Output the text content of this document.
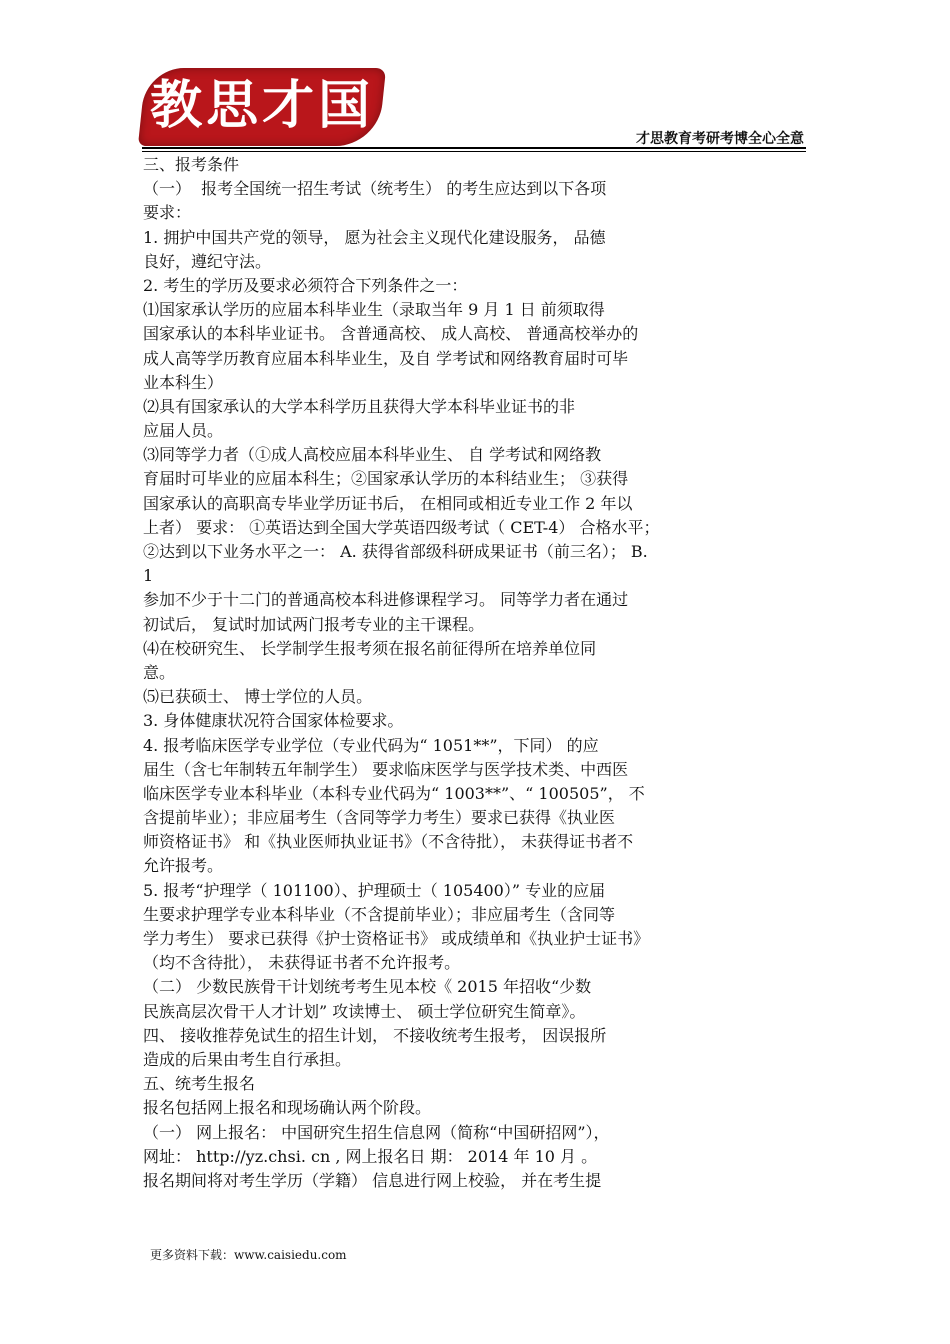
教思才国
才思教育考研考博全心全意
三、报考条件
（一）  报考全国统一招生考试（统考生） 的考生应达到以下各项
要求：
1. 拥护中国共产党的领导， 愿为社会主义现代化建设服务， 品德
良好，遵纪守法。
2. 考生的学历及要求必须符合下列条件之一：
⑴国家承认学历的应届本科毕业生（录取当年 9 月 1 日 前须取得
国家承认的本科毕业证书。 含普通高校、 成人高校、 普通高校举办的
成人高等学历教育应届本科毕业生，及自 学考试和网络教育届时可毕
业本科生）
⑵具有国家承认的大学本科学历且获得大学本科毕业证书的非
应届人员。
⑶同等学力者（①成人高校应届本科毕业生、 自 学考试和网络教
育届时可毕业的应届本科生；②国家承认学历的本科结业生； ③获得
国家承认的高职高专毕业学历证书后， 在相同或相近专业工作 2 年以
上者） 要求： ①英语达到全国大学英语四级考试（ CET-4） 合格水平；
②达到以下业务水平之一： A. 获得省部级科研成果证书（前三名）； B.
1
参加不少于十二门的普通高校本科进修课程学习。 同等学力者在通过
初试后， 复试时加试两门报考专业的主干课程。
⑷在校研究生、 长学制学生报考须在报名前征得所在培养单位同
意。
⑸已获硕士、 博士学位的人员。
3. 身体健康状况符合国家体检要求。
4. 报考临床医学专业学位（专业代码为“ 1051**”，下同） 的应
届生（含七年制转五年制学生） 要求临床医学与医学技术类、中西医
临床医学专业本科毕业（本科专业代码为“ 1003**”、“ 100505”， 不
含提前毕业）；非应届考生（含同等学力考生）要求已获得《执业医
师资格证书》 和《执业医师执业证书》（不含待批）， 未获得证书者不
允许报考。
5. 报考“护理学（ 101100）、护理硕士（ 105400）” 专业的应届
生要求护理学专业本科毕业（不含提前毕业）；非应届考生（含同等
学力考生） 要求已获得《护士资格证书》 或成绩单和《执业护士证书》
（均不含待批）， 未获得证书者不允许报考。
（二） 少数民族骨干计划统考考生见本校《 2015 年招收“少数
民族高层次骨干人才计划” 攻读博士、 硕士学位研究生简章》。
四、 接收推荐免试生的招生计划， 不接收统考生报考， 因误报所
造成的后果由考生自行承担。
五、统考生报名
报名包括网上报名和现场确认两个阶段。
（一） 网上报名： 中国研究生招生信息网（简称“中国研招网”），
网址： http://yz.chsi. cn , 网上报名日 期： 2014 年 10 月 。
报名期间将对考生学历（学籍） 信息进行网上校验， 并在考生提
更多资料下载：www.caisiedu.com
